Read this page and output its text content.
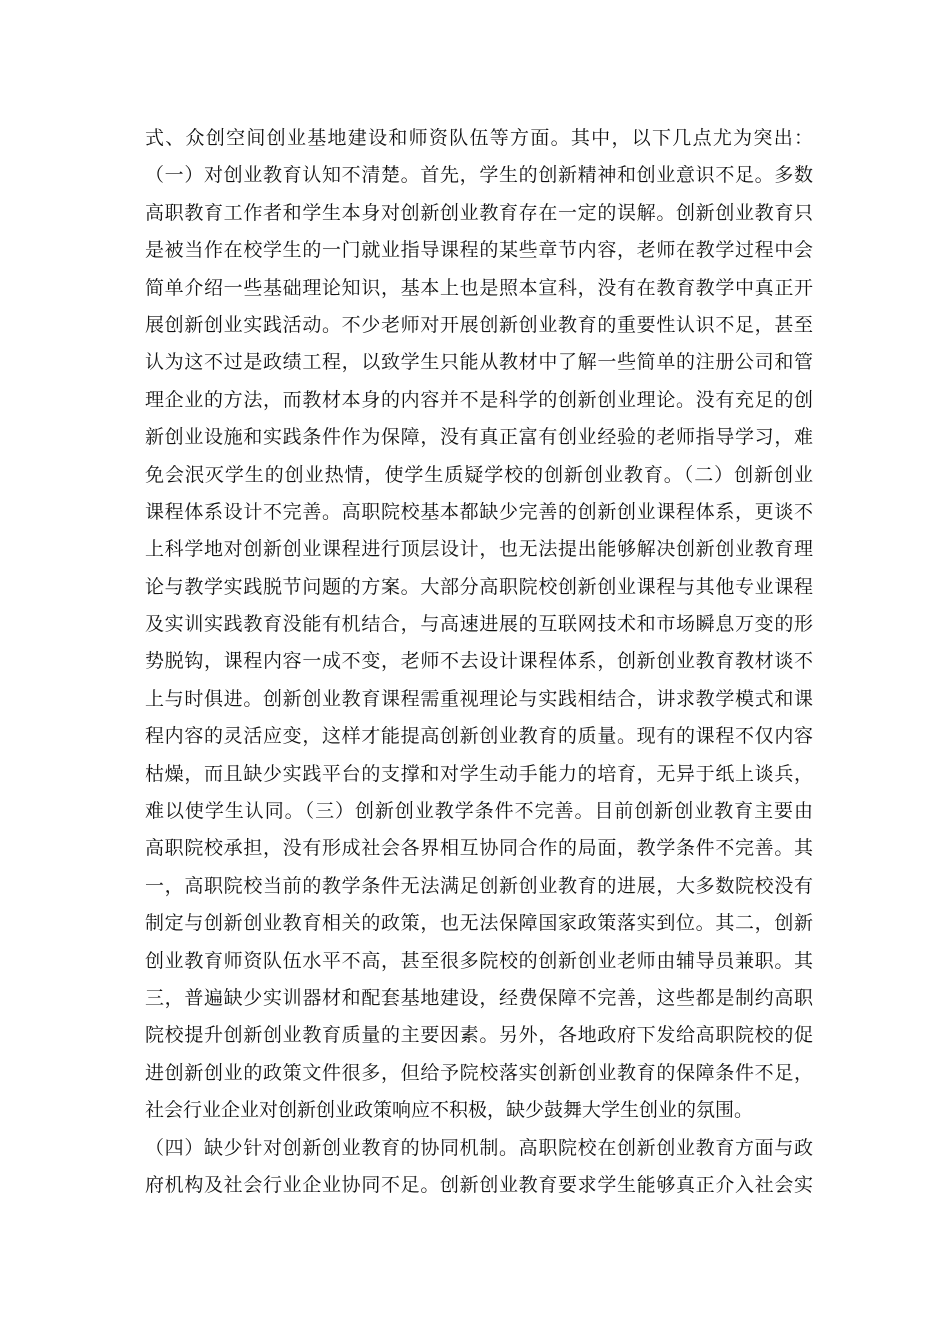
式、众创空间创业基地建设和师资队伍等方面。其中，以下几点尤为突出：
（一）对创业教育认知不清楚。首先，学生的创新精神和创业意识不足。多数
高职教育工作者和学生本身对创新创业教育存在一定的误解。创新创业教育只
是被当作在校学生的一门就业指导课程的某些章节内容，老师在教学过程中会
简单介绍一些基础理论知识，基本上也是照本宣科，没有在教育教学中真正开
展创新创业实践活动。不少老师对开展创新创业教育的重要性认识不足，甚至
认为这不过是政绩工程，以致学生只能从教材中了解一些简单的注册公司和管
理企业的方法，而教材本身的内容并不是科学的创新创业理论。没有充足的创
新创业设施和实践条件作为保障，没有真正富有创业经验的老师指导学习，难
免会泯灭学生的创业热情，使学生质疑学校的创新创业教育。（二）创新创业
课程体系设计不完善。高职院校基本都缺少完善的创新创业课程体系，更谈不
上科学地对创新创业课程进行顶层设计，也无法提出能够解决创新创业教育理
论与教学实践脱节问题的方案。大部分高职院校创新创业课程与其他专业课程
及实训实践教育没能有机结合，与高速进展的互联网技术和市场瞬息万变的形
势脱钩，课程内容一成不变，老师不去设计课程体系，创新创业教育教材谈不
上与时俱进。创新创业教育课程需重视理论与实践相结合，讲求教学模式和课
程内容的灵活应变，这样才能提高创新创业教育的质量。现有的课程不仅内容
枯燥，而且缺少实践平台的支撑和对学生动手能力的培育，无异于纸上谈兵，
难以使学生认同。（三）创新创业教学条件不完善。目前创新创业教育主要由
高职院校承担，没有形成社会各界相互协同合作的局面，教学条件不完善。其
一，高职院校当前的教学条件无法满足创新创业教育的进展，大多数院校没有
制定与创新创业教育相关的政策，也无法保障国家政策落实到位。其二，创新
创业教育师资队伍水平不高，甚至很多院校的创新创业老师由辅导员兼职。其
三，普遍缺少实训器材和配套基地建设，经费保障不完善，这些都是制约高职
院校提升创新创业教育质量的主要因素。另外，各地政府下发给高职院校的促
进创新创业的政策文件很多，但给予院校落实创新创业教育的保障条件不足，
社会行业企业对创新创业政策响应不积极，缺少鼓舞大学生创业的氛围。
（四）缺少针对创新创业教育的协同机制。高职院校在创新创业教育方面与政
府机构及社会行业企业协同不足。创新创业教育要求学生能够真正介入社会实
